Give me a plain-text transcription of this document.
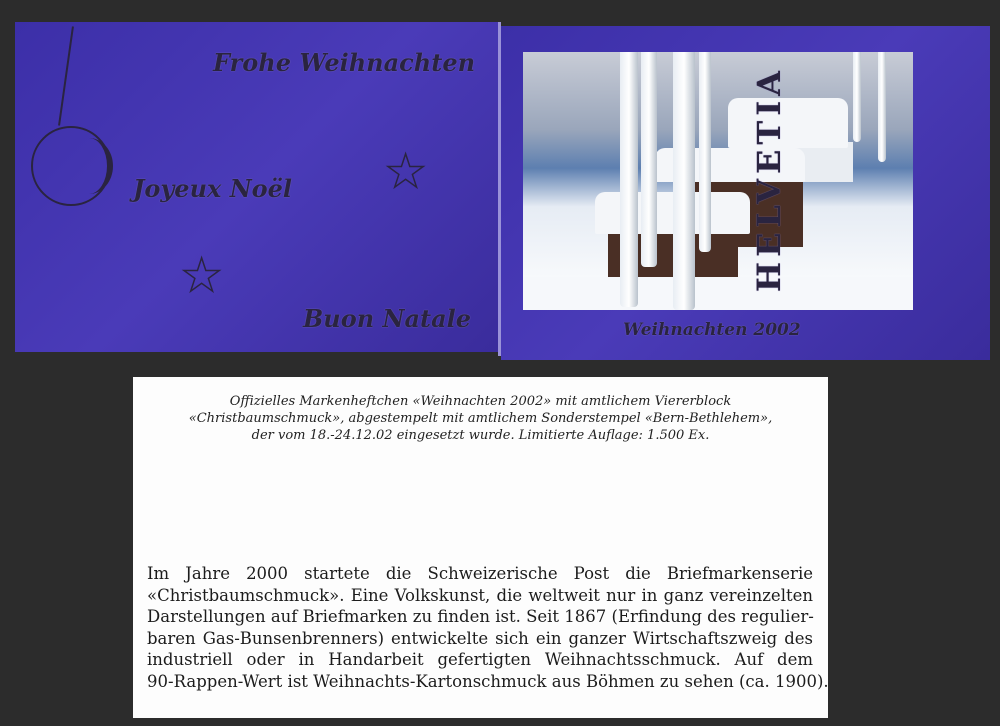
Frohe Weihnachten
Joyeux Noël
Buon Natale
★
★
Weihnachten 2002
HELVETIA
Offizielles Markenheftchen «Weihnachten 2002» mit amtlichem Viererblock
«Christbaumschmuck», abgestempelt mit amtlichem Sonderstempel «Bern-Bethlehem»,
der vom 18.-24.12.02 eingesetzt wurde. Limitierte Auflage: 1.500 Ex.
Im Jahre 2000 startete die Schweizerische Post die Briefmarkenserie
«Christbaumschmuck». Eine Volkskunst, die weltweit nur in ganz vereinzelten
Darstellungen auf Briefmarken zu finden ist. Seit 1867 (Erfindung des regulier-
baren Gas-Bunsenbrenners) entwickelte sich ein ganzer Wirtschaftszweig des
industriell oder in Handarbeit gefertigten Weihnachtsschmuck. Auf dem
90-Rappen-Wert ist Weihnachts-Kartonschmuck aus Böhmen zu sehen (ca. 1900).
